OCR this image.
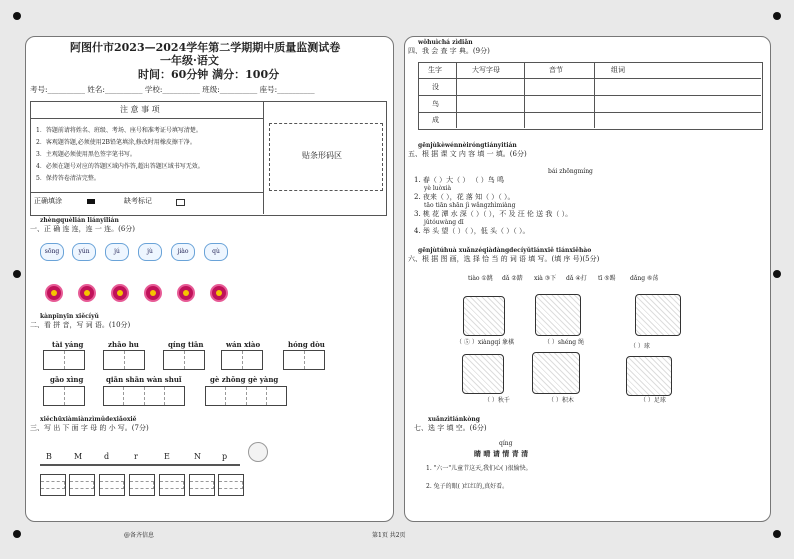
阿图什市2023—2024学年第二学期期中质量监测试卷
一年级·语文
时间：60分钟 满分：100分
考号:__________ 姓名:__________ 学校:__________ 班级:__________ 座号:__________
注 意 事 项
1．答题前请将姓名、班级、考场、座号和准考证号填写清楚。
2．客观题答题,必须使用2B铅笔填涂,修改时用橡皮擦干净。
3．主观题必须使用黑色签字笔书写。
4．必须在题号对应的答题区域内作答,超出答题区域书写无效。
5．保持答卷清洁完整。
正确填涂	缺考标记
贴条形码区
zhèngquèlián liányilián
一、正 确 连 连，连 一 连。(6分)
sōng	yún	jú	jù	jiào	qù
kànpīnyīn xiěcíyǔ
二、看 拼 音，写 词 语。(10分)
tài yáng	zhāo hu	qíng tiān	wán xiào	hóng dòu
gāo xìng	qiān shān wàn shuǐ	gè zhǒng gè yàng
xiěchūxiàmiànzìmǔdexiǎoxiě
三、写 出 下 面 字 母 的 小 写。(7分)
B	M	d	r	E	N	p
@备齐信息
wǒhuìchá zìdiǎn
四、我 会 查 字 典。(9分)
生字	大写字母	音节	组词
没
鸟
成
gēnjùkèwénnèiróngtiányitián
五、根 据 课 文 内 容 填 一 填。(6分)
bái zhōngmíng
1. 春（ ）大（ ） （ ）鸟 鸣
yè luòxià
2. 夜来（ ），花 落 知（ ）（ ）。
tāo tiān shān jì wǎngzhìmiàng
3. 桃 花 潭 水 深（ ）（ ），不 及 汪 伦 送 我（ ）。
jǔtóuwàng dī
4. 举 头 望（ ）（ ），低 头（ ）（ ）。
gēnjùtúhuà xuǎnzéqiàdàngdecíyǔtiánxiě tiánxiěhào
六、根 据 图 画，选 择 恰 当 的 词 语 填 写。(填 序 号)(5分)
tiào ①跳 dǎ ②踏 xià ③下 dǎ ④打 tī ⑤踢 dǎng ⑥荡
（ ⑤ ）xiàngqí 象棋	（ ）shéng 绳
（ ）球
（ ）秋千	（ ）积木	（ ）足球
xuǎnzìtiánkòng
七、选 字 填 空。(6分)
qíng
睛 晴 请 情 青 清
1. "六一"儿童节这天,我们心( )很愉快。
2. 兔子的眼( )红红的,真好看。
第1页 共2页
